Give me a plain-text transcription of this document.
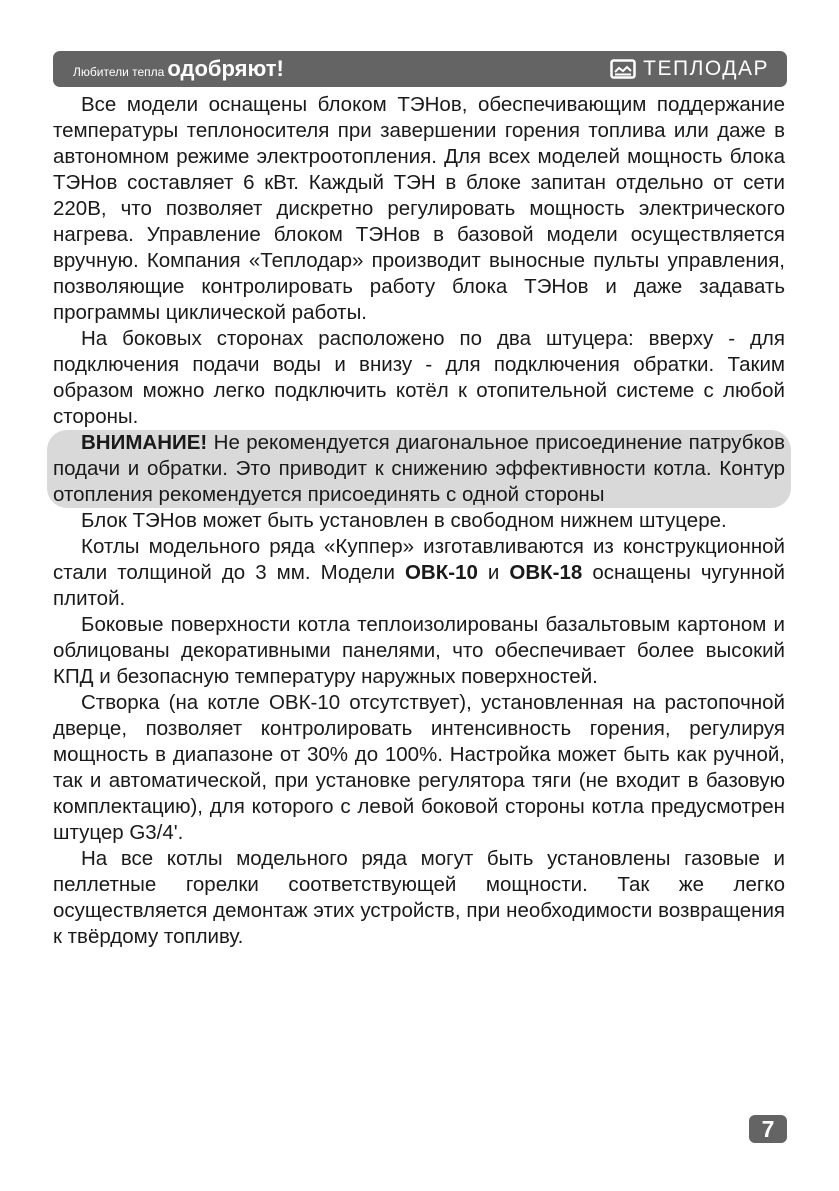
Любители тепла одобряют!	ТЕПЛОДАР

Все модели оснащены блоком ТЭНов, обеспечивающим поддержание температуры теплоносителя при завершении горения топлива или даже в автономном режиме электроотопления. Для всех моделей мощность блока ТЭНов составляет 6 кВт. Каждый ТЭН в блоке запитан отдельно от сети 220В, что позволяет дискретно регулировать мощность электрического нагрева. Управление блоком ТЭНов в базовой модели осуществляется вручную. Компания «Теплодар» производит выносные пульты управления, позволяющие контролировать работу блока ТЭНов и даже задавать программы циклической работы.

На боковых сторонах расположено по два штуцера: вверху - для подключения подачи воды и внизу - для подключения обратки. Таким образом можно легко подключить котёл к отопительной системе с любой стороны.

ВНИМАНИЕ! Не рекомендуется диагональное присоединение патрубков подачи и обратки. Это приводит к снижению эффективности котла. Контур отопления рекомендуется присоединять с одной стороны

Блок ТЭНов может быть установлен в свободном нижнем штуцере.

Котлы модельного ряда «Куппер» изготавливаются из конструкционной стали толщиной до 3 мм. Модели ОВК-10 и ОВК-18 оснащены чугунной плитой.

Боковые поверхности котла теплоизолированы базальтовым картоном и облицованы декоративными панелями, что обеспечивает более высокий КПД и безопасную температуру наружных поверхностей.

Створка (на котле ОВК-10 отсутствует), установленная на растопочной дверце, позволяет контролировать интенсивность горения, регулируя мощность в диапазоне от 30% до 100%. Настройка может быть как ручной, так и автоматической, при установке регулятора тяги (не входит в базовую комплектацию), для которого с левой боковой стороны котла предусмотрен штуцер G3/4'.

На все котлы модельного ряда могут быть установлены газовые и пеллетные горелки соответствующей мощности. Так же легко осуществляется демонтаж этих устройств, при необходимости возвращения к твёрдому топливу.

7
